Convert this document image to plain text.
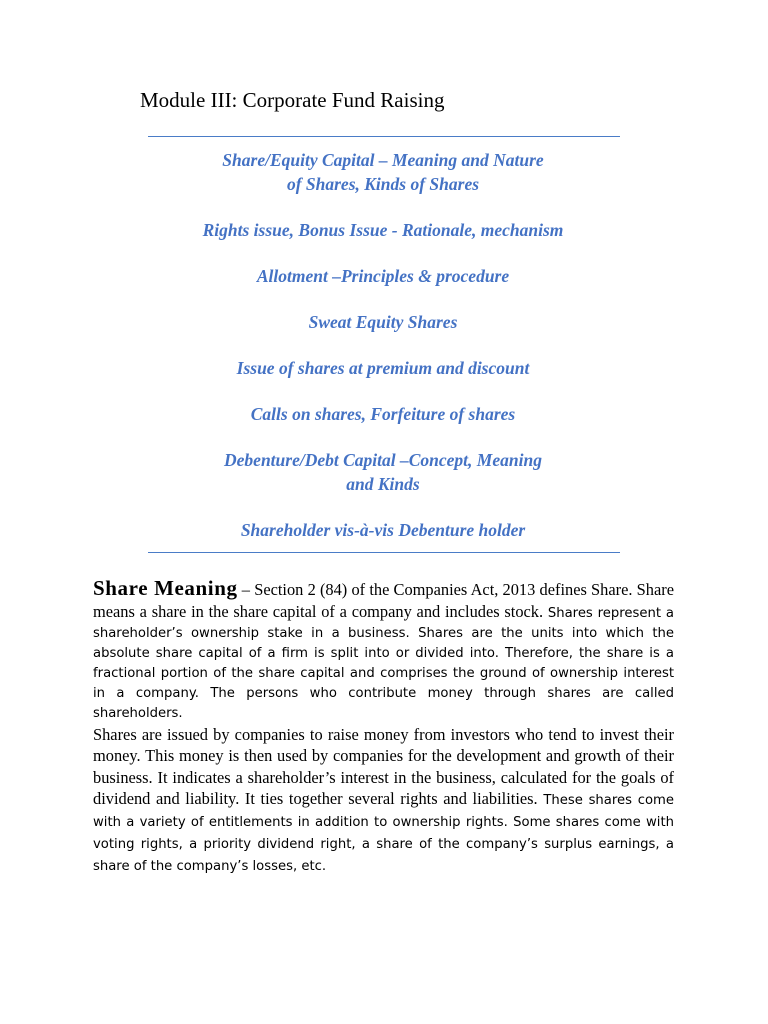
Module III: Corporate Fund Raising
Share/Equity Capital – Meaning and Nature of Shares, Kinds of Shares
Rights issue, Bonus Issue - Rationale, mechanism
Allotment –Principles & procedure
Sweat Equity Shares
Issue of shares at premium and discount
Calls on shares, Forfeiture of shares
Debenture/Debt Capital –Concept, Meaning and Kinds
Shareholder vis-à-vis Debenture holder
Share Meaning – Section 2 (84) of the Companies Act, 2013 defines Share. Share means a share in the share capital of a company and includes stock. Shares represent a shareholder’s ownership stake in a business. Shares are the units into which the absolute share capital of a firm is split into or divided into. Therefore, the share is a fractional portion of the share capital and comprises the ground of ownership interest in a company. The persons who contribute money through shares are called shareholders.
Shares are issued by companies to raise money from investors who tend to invest their money. This money is then used by companies for the development and growth of their business. It indicates a shareholder’s interest in the business, calculated for the goals of dividend and liability. It ties together several rights and liabilities. These shares come with a variety of entitlements in addition to ownership rights. Some shares come with voting rights, a priority dividend right, a share of the company’s surplus earnings, a share of the company’s losses, etc.
